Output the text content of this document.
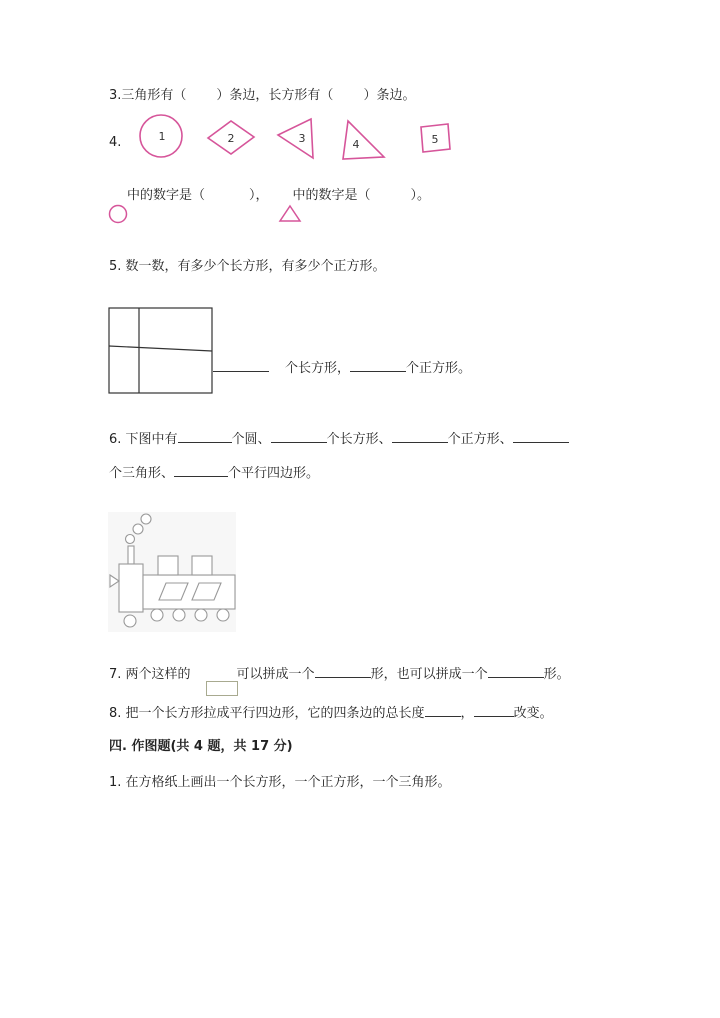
3.三角形有（ ）条边，长方形有（ ）条边。
4.	1	2	3	4	5
中的数字是（	）， 中的数字是（	）。
5. 数一数，有多少个长方形，有多少个正方形。
个长方形，	个正方形。
6. 下图中有	个圆、	个长方形、	个正方形、
个三角形、	个平行四边形。
7. 两个这样的	可以拼成一个	形，也可以拼成一个	形。
8. 把一个长方形拉成平行四边形，它的四条边的总长度	，	改变。
四. 作图题(共 4 题，共 17 分)
1. 在方格纸上画出一个长方形，一个正方形，一个三角形。
